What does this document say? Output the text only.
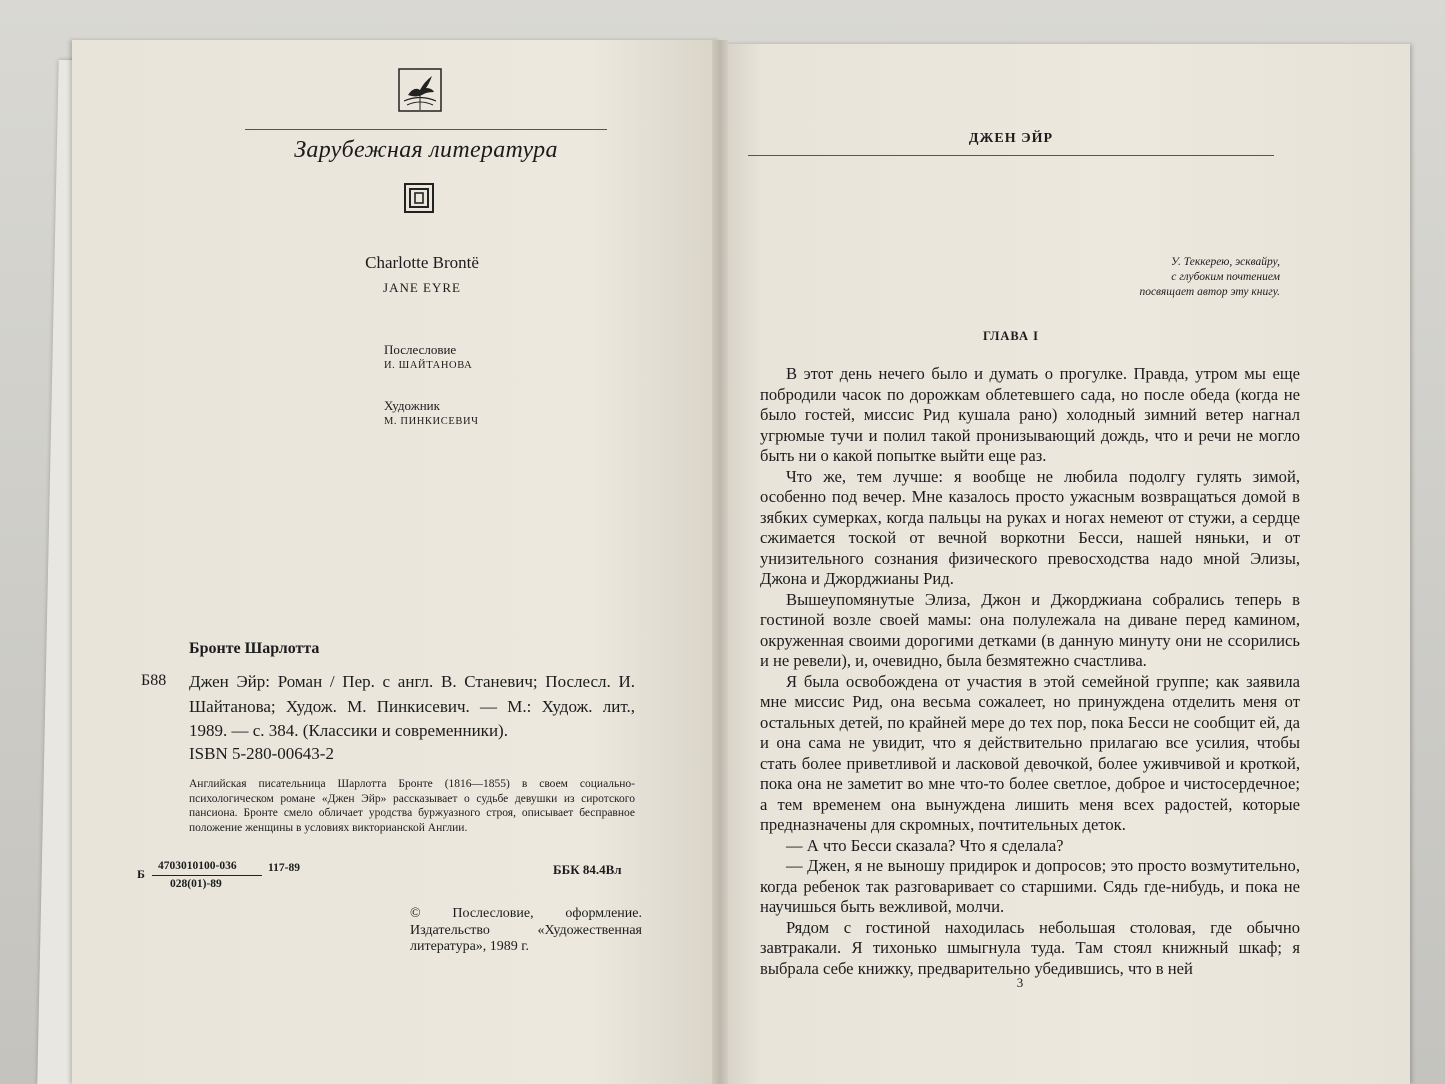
Зарубежная литература
Charlotte Brontë
JANE EYRE
Послесловие
И. ШАЙТАНОВА
Художник
М. ПИНКИСЕВИЧ
Бронте Шарлотта
Б88 Джен Эйр: Роман / Пер. с англ. В. Станевич; Послесл. И. Шайтанова; Худож. М. Пинкисевич. — М.: Худож. лит., 1989. — с. 384. (Классики и современники).
ISBN 5-280-00643-2
Английская писательница Шарлотта Бронте (1816—1855) в своем социально-психологическом романе «Джен Эйр» рассказывает о судьбе девушки из сиротского пансиона. Бронте смело обличает уродства буржуазного строя, описывает бесправное положение женщины в условиях викторианской Англии.
Б
4703010100-036
028(01)-89
117-89	ББК 84.4Вл
© Послесловие, оформление. Издательство «Художественная литература», 1989 г.
ДЖЕН ЭЙР
У. Теккерею, эсквайру,
с глубоким почтением
посвящает автор эту книгу.
ГЛАВА I

В этот день нечего было и думать о прогулке. Правда, утром мы еще побродили часок по дорожкам облетевшего сада, но после обеда (когда не было гостей, миссис Рид кушала рано) холодный зимний ветер нагнал угрюмые тучи и полил такой пронизывающий дождь, что и речи не могло быть ни о какой попытке выйти еще раз.

Что же, тем лучше: я вообще не любила подолгу гулять зимой, особенно под вечер. Мне казалось просто ужасным возвращаться домой в зябких сумерках, когда пальцы на руках и ногах немеют от стужи, а сердце сжимается тоской от вечной воркотни Бесси, нашей няньки, и от унизительного сознания физического превосходства надо мной Элизы, Джона и Джорджианы Рид.

Вышеупомянутые Элиза, Джон и Джорджиана собрались теперь в гостиной возле своей мамы: она полулежала на диване перед камином, окруженная своими дорогими детками (в данную минуту они не ссорились и не ревели), и, очевидно, была безмятежно счастлива.

Я была освобождена от участия в этой семейной группе; как заявила мне миссис Рид, она весьма сожалеет, но принуждена отделить меня от остальных детей, по крайней мере до тех пор, пока Бесси не сообщит ей, да и она сама не увидит, что я действительно прилагаю все усилия, чтобы стать более приветливой и ласковой девочкой, более уживчивой и кроткой, пока она не заметит во мне что-то более светлое, доброе и чистосердечное; а тем временем она вынуждена лишить меня всех радостей, которые предназначены для скромных, почтительных деток.

— А что Бесси сказала? Что я сделала?

— Джен, я не выношу придирок и допросов; это просто возмутительно, когда ребенок так разговаривает со старшими. Сядь где-нибудь, и пока не научишься быть вежливой, молчи.

Рядом с гостиной находилась небольшая столовая, где обычно завтракали. Я тихонько шмыгнула туда. Там стоял книжный шкаф; я выбрала себе книжку, предварительно убедившись, что в ней

3
